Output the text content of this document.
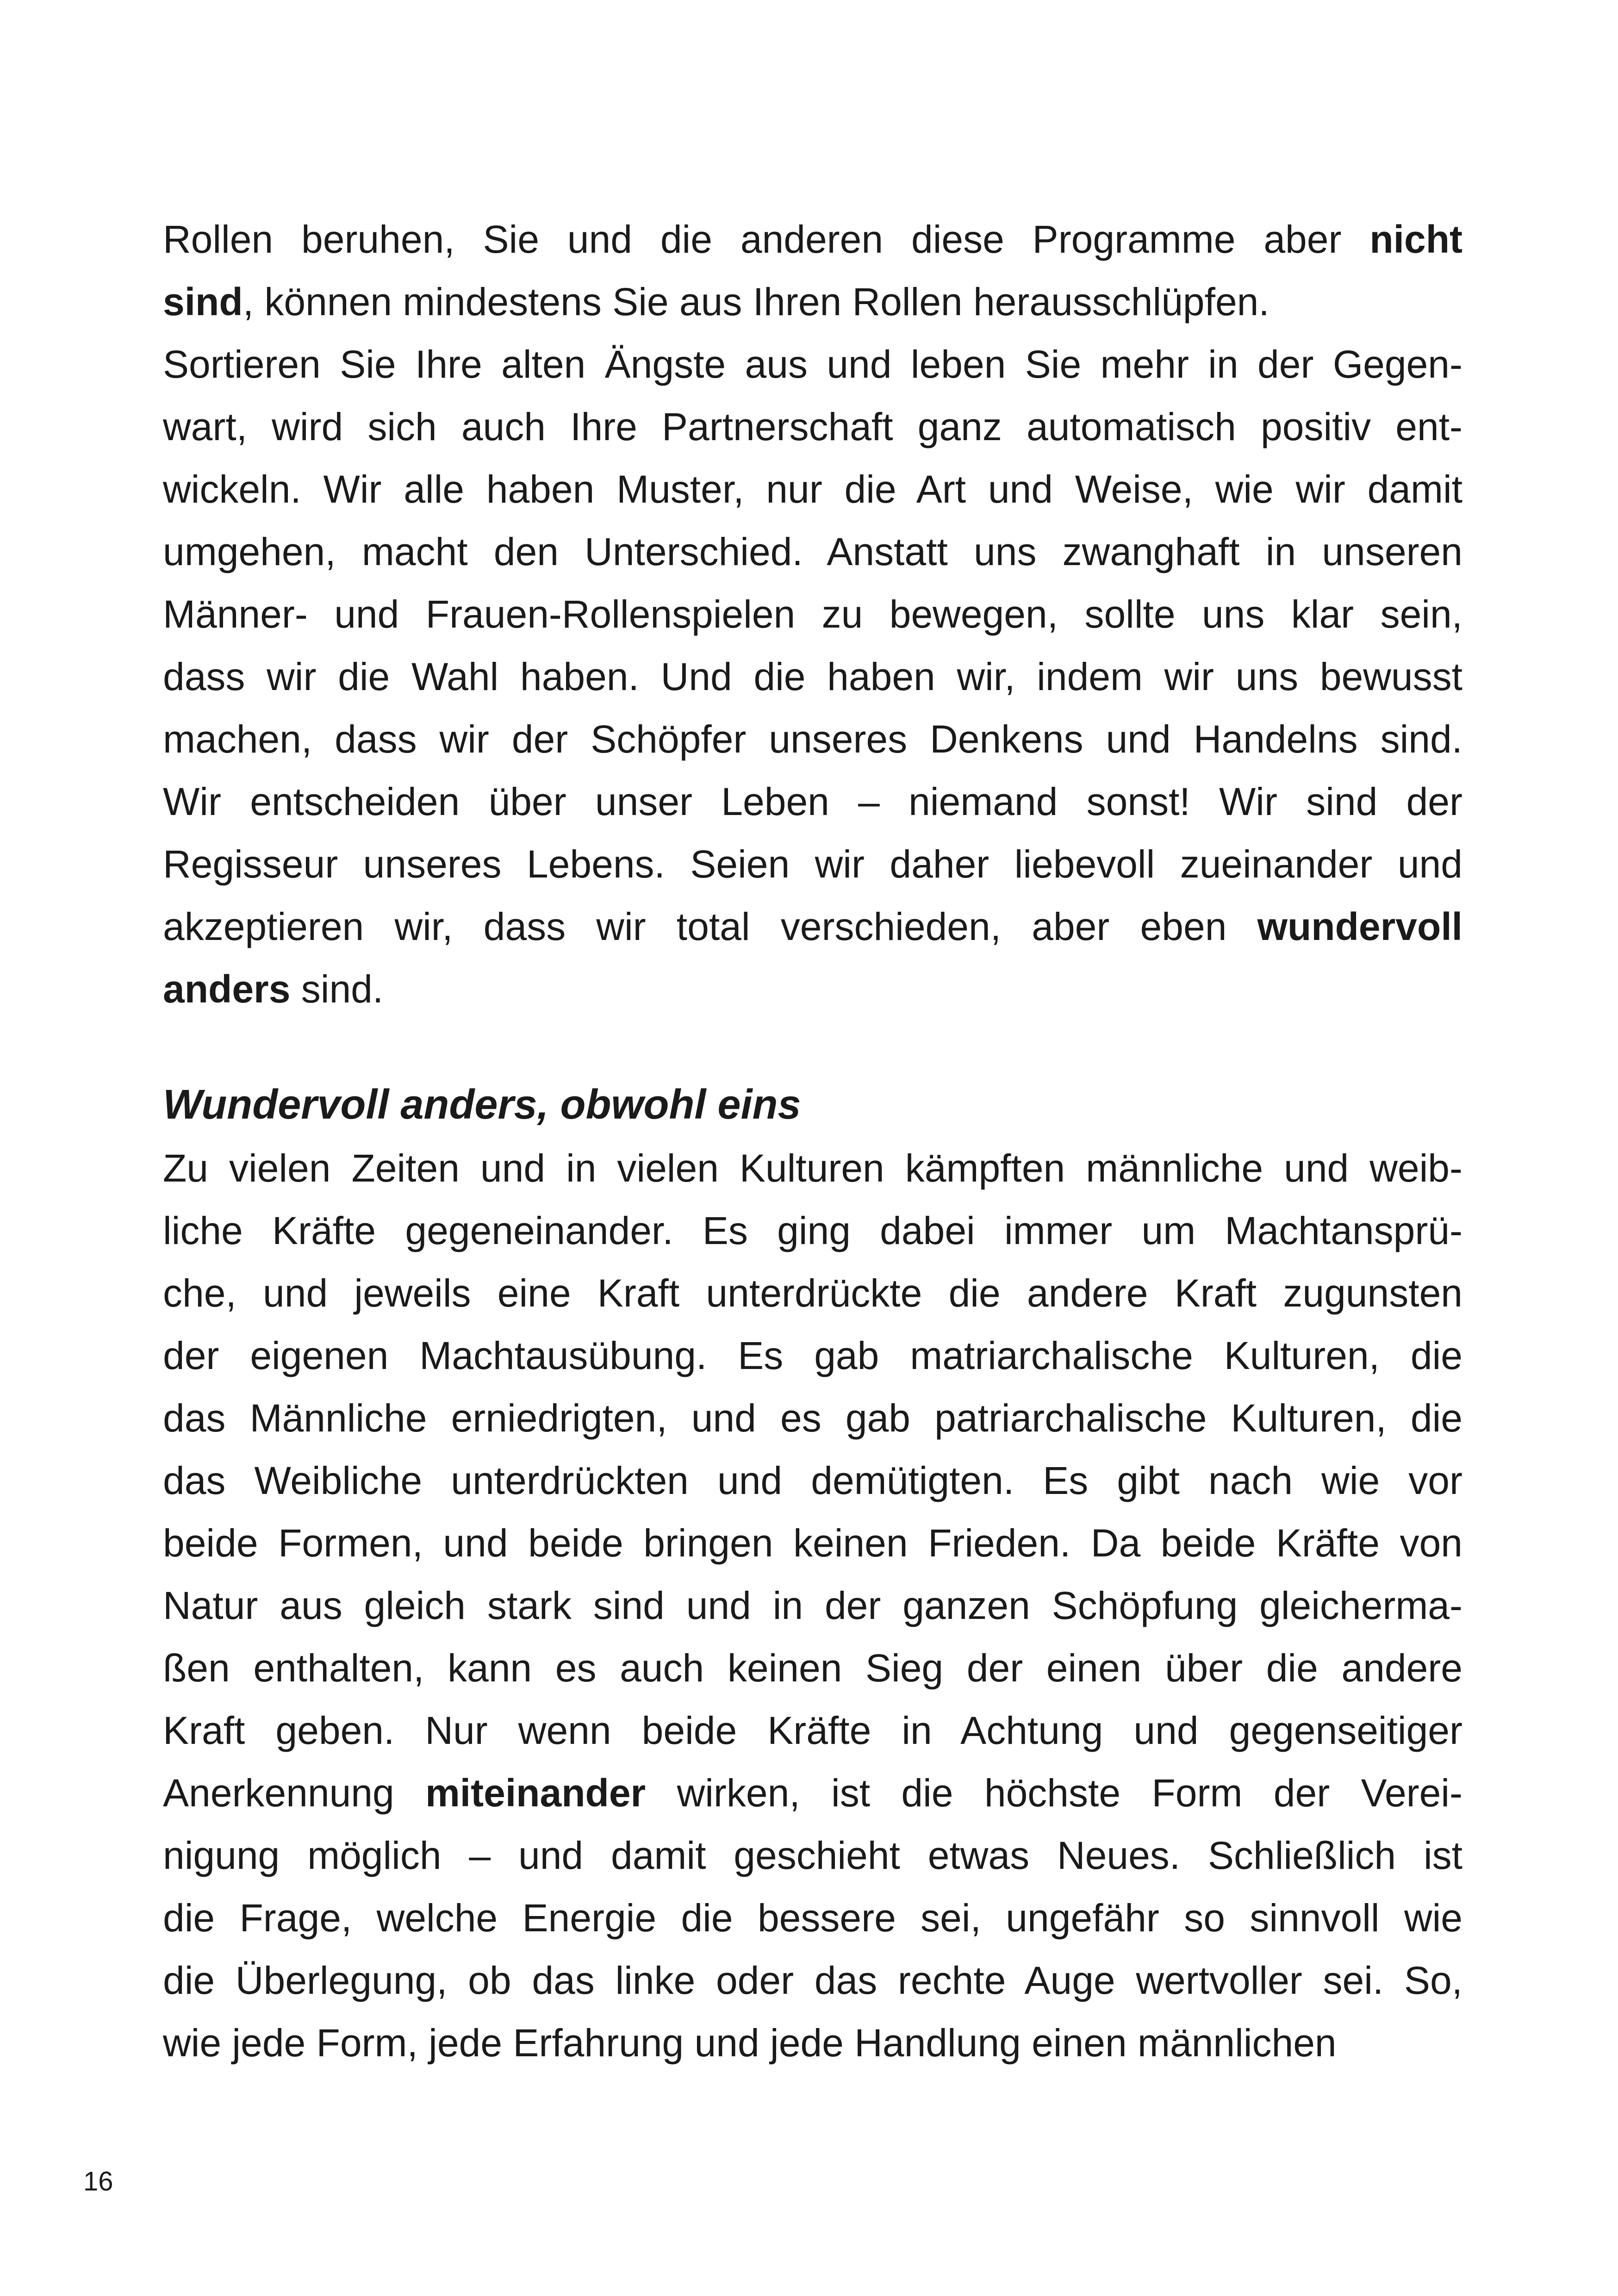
Rollen beruhen, Sie und die anderen diese Programme aber nicht
sind, können mindestens Sie aus Ihren Rollen herausschlüpfen.
Sortieren Sie Ihre alten Ängste aus und leben Sie mehr in der Gegen-
wart, wird sich auch Ihre Partnerschaft ganz automatisch positiv ent-
wickeln. Wir alle haben Muster, nur die Art und Weise, wie wir damit
umgehen, macht den Unterschied. Anstatt uns zwanghaft in unseren
Männer- und Frauen-Rollenspielen zu bewegen, sollte uns klar sein,
dass wir die Wahl haben. Und die haben wir, indem wir uns bewusst
machen, dass wir der Schöpfer unseres Denkens und Handelns sind.
Wir entscheiden über unser Leben – niemand sonst! Wir sind der
Regisseur unseres Lebens. Seien wir daher liebevoll zueinander und
akzeptieren wir, dass wir total verschieden, aber eben wundervoll
anders sind.
Wundervoll anders, obwohl eins
Zu vielen Zeiten und in vielen Kulturen kämpften männliche und weib-
liche Kräfte gegeneinander. Es ging dabei immer um Machtansprü-
che, und jeweils eine Kraft unterdrückte die andere Kraft zugunsten
der eigenen Machtausübung. Es gab matriarchalische Kulturen, die
das Männliche erniedrigten, und es gab patriarchalische Kulturen, die
das Weibliche unterdrückten und demütigten. Es gibt nach wie vor
beide Formen, und beide bringen keinen Frieden. Da beide Kräfte von
Natur aus gleich stark sind und in der ganzen Schöpfung gleicherma-
ßen enthalten, kann es auch keinen Sieg der einen über die andere
Kraft geben. Nur wenn beide Kräfte in Achtung und gegenseitiger
Anerkennung miteinander wirken, ist die höchste Form der Verei-
nigung möglich – und damit geschieht etwas Neues. Schließlich ist
die Frage, welche Energie die bessere sei, ungefähr so sinnvoll wie
die Überlegung, ob das linke oder das rechte Auge wertvoller sei. So,
wie jede Form, jede Erfahrung und jede Handlung einen männlichen
16
